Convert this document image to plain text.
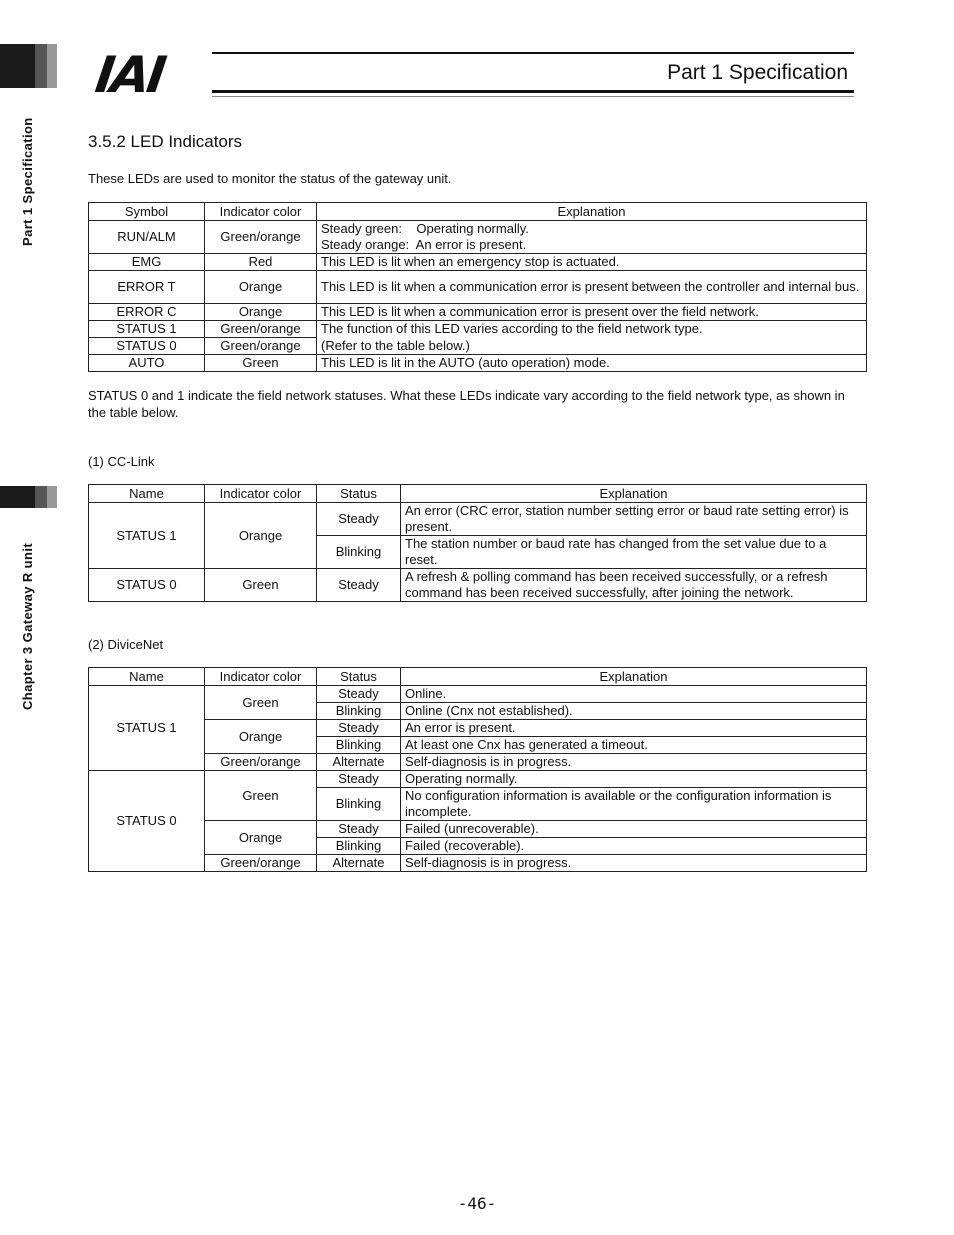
Part 1 Specification
Chapter 3 Gateway R unit
IAI	Part 1 Specification
3.5.2 LED Indicators
These LEDs are used to monitor the status of the gateway unit.
Symbol	Indicator color	Explanation
RUN/ALM	Green/orange	Steady green:    Operating normally.
Steady orange:  An error is present.

EMG	Red	This LED is lit when an emergency stop is actuated.
ERROR T	Orange	This LED is lit when a communication error is present between the controller and internal bus.
ERROR C	Orange	This LED is lit when a communication error is present over the field network.
STATUS 1	Green/orange	The function of this LED varies according to the field network type.
STATUS 0	Green/orange	(Refer to the table below.)
AUTO	Green	This LED is lit in the AUTO (auto operation) mode.
STATUS 0 and 1 indicate the field network statuses. What these LEDs indicate vary according to the field network type, as shown in the table below.
(1) CC-Link
Name	Indicator color	Status	Explanation
STATUS 1	Orange	Steady	An error (CRC error, station number setting error or baud rate setting error) is present.
		Blinking	The station number or baud rate has changed from the set value due to a reset.
STATUS 0	Green	Steady	A refresh & polling command has been received successfully, or a refresh command has been received successfully, after joining the network.
(2) DiviceNet
Name	Indicator color	Status	Explanation
STATUS 1	Green	Steady	Online.
		Blinking	Online (Cnx not established).
	Orange	Steady	An error is present.
		Blinking	At least one Cnx has generated a timeout.
	Green/orange	Alternate	Self-diagnosis is in progress.
STATUS 0	Green	Steady	Operating normally.
		Blinking	No configuration information is available or the configuration information is incomplete.
	Orange	Steady	Failed (unrecoverable).
		Blinking	Failed (recoverable).
	Green/orange	Alternate	Self-diagnosis is in progress.
-46-
